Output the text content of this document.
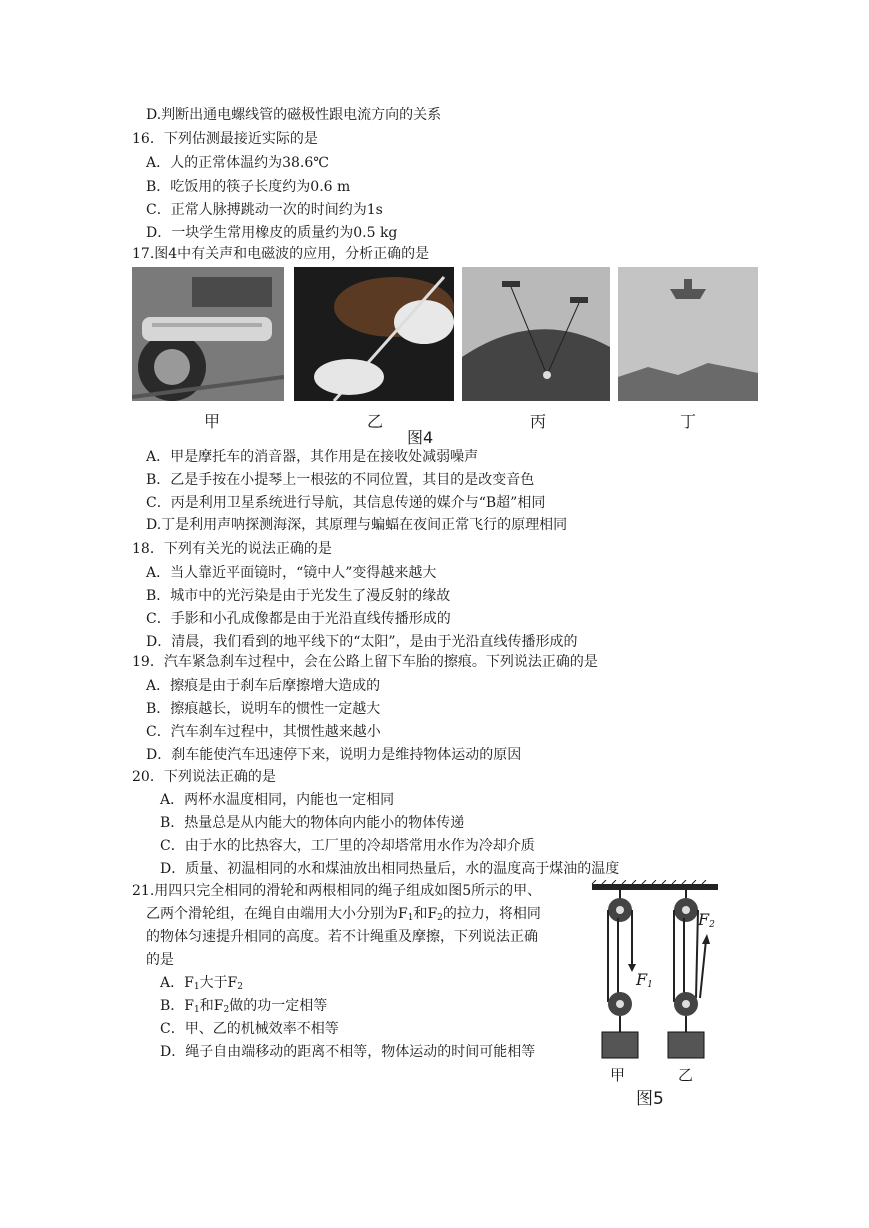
D.判断出通电螺线管的磁极性跟电流方向的关系
16．下列估测最接近实际的是
A．人的正常体温约为38.6℃
B．吃饭用的筷子长度约为0.6 m
C．正常人脉搏跳动一次的时间约为1s
D．一块学生常用橡皮的质量约为0.5 kg
17.图4中有关声和电磁波的应用，分析正确的是
甲	乙	丙	丁
图4
A．甲是摩托车的消音器，其作用是在接收处减弱噪声
B．乙是手按在小提琴上一根弦的不同位置，其目的是改变音色
C．丙是利用卫星系统进行导航，其信息传递的媒介与“B超”相同
D.丁是利用声呐探测海深，其原理与蝙蝠在夜间正常飞行的原理相同
18．下列有关光的说法正确的是
A．当人靠近平面镜时，“镜中人”变得越来越大
B．城市中的光污染是由于光发生了漫反射的缘故
C．手影和小孔成像都是由于光沿直线传播形成的
D．清晨，我们看到的地平线下的“太阳”，是由于光沿直线传播形成的
19．汽车紧急刹车过程中，会在公路上留下车胎的擦痕。下列说法正确的是
A．擦痕是由于刹车后摩擦增大造成的
B．擦痕越长，说明车的惯性一定越大
C．汽车刹车过程中，其惯性越来越小
D．刹车能使汽车迅速停下来，说明力是维持物体运动的原因
20．下列说法正确的是
A．两杯水温度相同，内能也一定相同
B．热量总是从内能大的物体向内能小的物体传递
C．由于水的比热容大，工厂里的冷却塔常用水作为冷却介质
D．质量、初温相同的水和煤油放出相同热量后，水的温度高于煤油的温度
21.用四只完全相同的滑轮和两根相同的绳子组成如图5所示的甲、
乙两个滑轮组，在绳自由端用大小分别为$F_1$和$F_2$的拉力，将相同
的物体匀速提升相同的高度。若不计绳重及摩擦，下列说法正确
的是
A．$F_1$大于$F_2$
B．$F_1$和$F_2$做的功一定相等
C．甲、乙的机械效率不相等
D．绳子自由端移动的距离不相等，物体运动的时间可能相等
$F_1$
$F_2$
甲	乙
图5
